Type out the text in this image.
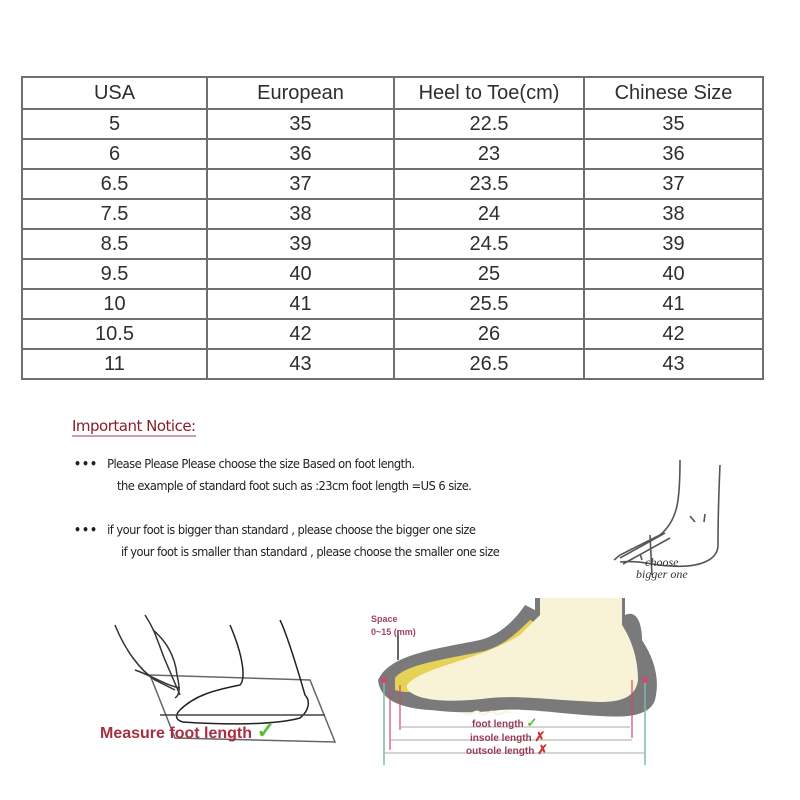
USA	European	Heel to Toe(cm)	Chinese Size
5	35	22.5	35
6	36	23	36
6.5	37	23.5	37
7.5	38	24	38
8.5	39	24.5	39
9.5	40	25	40
10	41	25.5	41
10.5	42	26	42
11	43	26.5	43
Important Notice:
••• Please Please Please choose the size Based on foot length.
the example of standard foot such as :23cm foot length =US 6 size.
••• if your foot is bigger than standard , please choose the bigger one size
if your foot is smaller than standard , please choose the smaller one size
choose
bigger one
Measure foot length ✓
Space
0~15 (mm)
foot length ✓
insole length ✗
outsole length ✗
